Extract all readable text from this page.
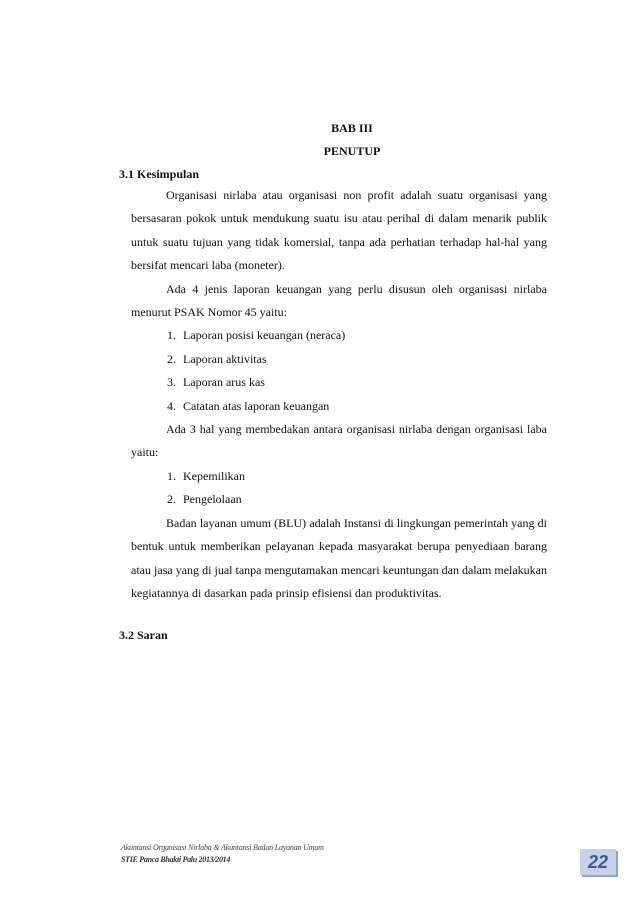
BAB III
PENUTUP
3.1 Kesimpulan

Organisasi nirlaba atau organisasi non profit adalah suatu organisasi yang bersasaran pokok untuk mendukung suatu isu atau perihal di dalam menarik publik untuk suatu tujuan yang tidak komersial, tanpa ada perhatian terhadap hal-hal yang bersifat mencari laba (moneter).

Ada 4 jenis laporan keuangan yang perlu disusun oleh organisasi nirlaba menurut PSAK Nomor 45 yaitu:

1. Laporan posisi keuangan (neraca)
2. Laporan aktivitas
3. Laporan arus kas
4. Catatan atas laporan keuangan

Ada 3 hal yang membedakan antara organisasi nirlaba dengan organisasi laba yaitu:

1. Kepemilikan
2. Pengelolaan

Badan layanan umum (BLU) adalah Instansi di lingkungan pemerintah yang di bentuk untuk memberikan pelayanan kepada masyarakat berupa penyediaan barang atau jasa yang di jual tanpa mengutamakan mencari keuntungan dan dalam melakukan kegiatannya di dasarkan pada prinsip efisiensi dan produktivitas.

3.2 Saran
Akuntansi Organisasi Nirlaba & Akuntansi Badan Layanan Umum
STIE Panca Bhakti Palu 2013/2014	22
